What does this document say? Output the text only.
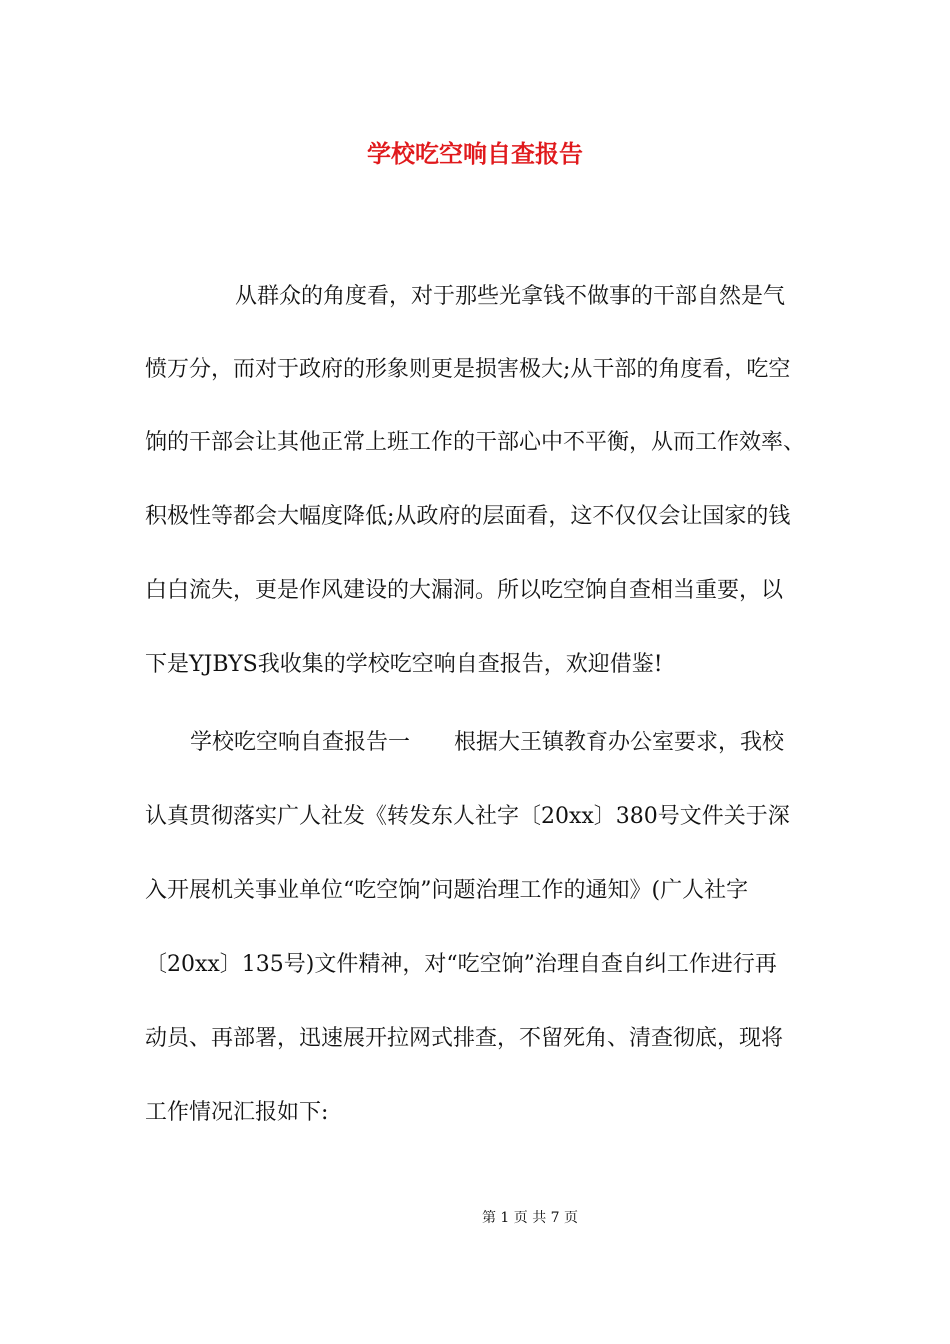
学校吃空响自查报告
从群众的角度看，对于那些光拿钱不做事的干部自然是气
愤万分，而对于政府的形象则更是损害极大;从干部的角度看，吃空
饷的干部会让其他正常上班工作的干部心中不平衡，从而工作效率、
积极性等都会大幅度降低;从政府的层面看，这不仅仅会让国家的钱
白白流失，更是作风建设的大漏洞。所以吃空饷自查相当重要，以
下是YJBYS我收集的学校吃空响自查报告，欢迎借鉴!
学校吃空响自查报告一　　根据大王镇教育办公室要求，我校
认真贯彻落实广人社发《转发东人社字〔20xx〕380号文件关于深
入开展机关事业单位“吃空饷”问题治理工作的通知》(广人社字
〔20xx〕135号)文件精神，对“吃空饷”治理自查自纠工作进行再
动员、再部署，迅速展开拉网式排查，不留死角、清查彻底，现将
工作情况汇报如下:
第 1 页 共 7 页
